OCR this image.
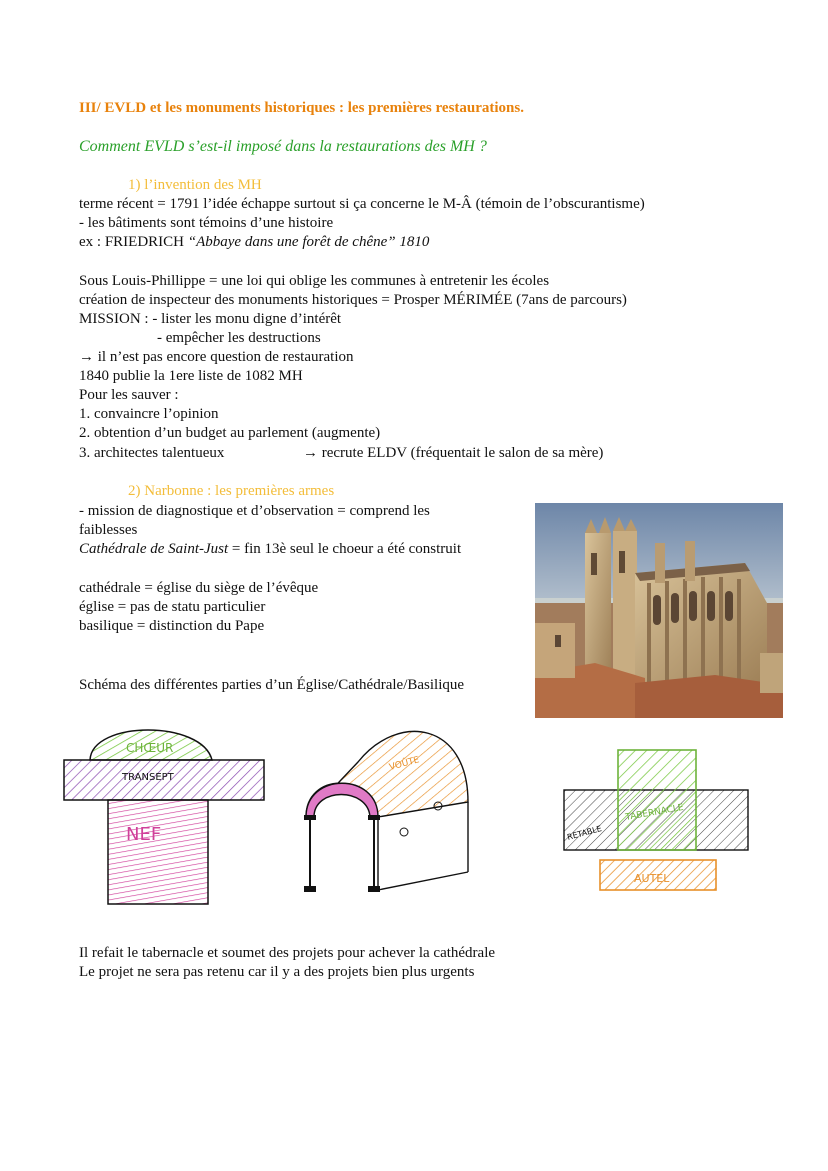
III/ EVLD et les monuments historiques : les premières restaurations.
Comment EVLD s’est-il imposé dans la restaurations des MH ?
1) l’invention des MH
terme récent = 1791 l’idée échappe surtout si ça concerne le M-Â (témoin de l’obscurantisme)
- les bâtiments sont témoins d’une histoire
ex : FRIEDRICH “Abbaye dans une forêt de chêne” 1810
Sous Louis-Phillippe = une loi qui oblige les communes à entretenir les écoles
création de inspecteur des monuments historiques = Prosper MÉRIMÉE (7ans de parcours)
MISSION : - lister les monu digne d’intérêt
- empêcher les destructions
→ il n’est pas encore question de restauration
1840 publie la 1ere liste de 1082 MH
Pour les sauver :
1. convaincre l’opinion
2. obtention d’un budget au parlement (augmente)
3. architectes talentueux	→ recrute ELDV (fréquentait le salon de sa mère)
2) Narbonne : les premières armes
- mission de diagnostique et d’observation = comprend les
faiblesses
Cathédrale de Saint-Just = fin 13è seul le choeur a été construit
cathédrale = église du siège de l’évêque
église = pas de statu particulier
basilique = distinction du Pape
Schéma des différentes parties d’un Église/Cathédrale/Basilique
CHŒUR
TRANSEPT
NEF
VOÛTE
RETABLE
TABERNACLE
AUTEL
Il refait le tabernacle et soumet des projets pour achever la cathédrale
Le projet ne sera pas retenu car il y a des projets bien plus urgents
